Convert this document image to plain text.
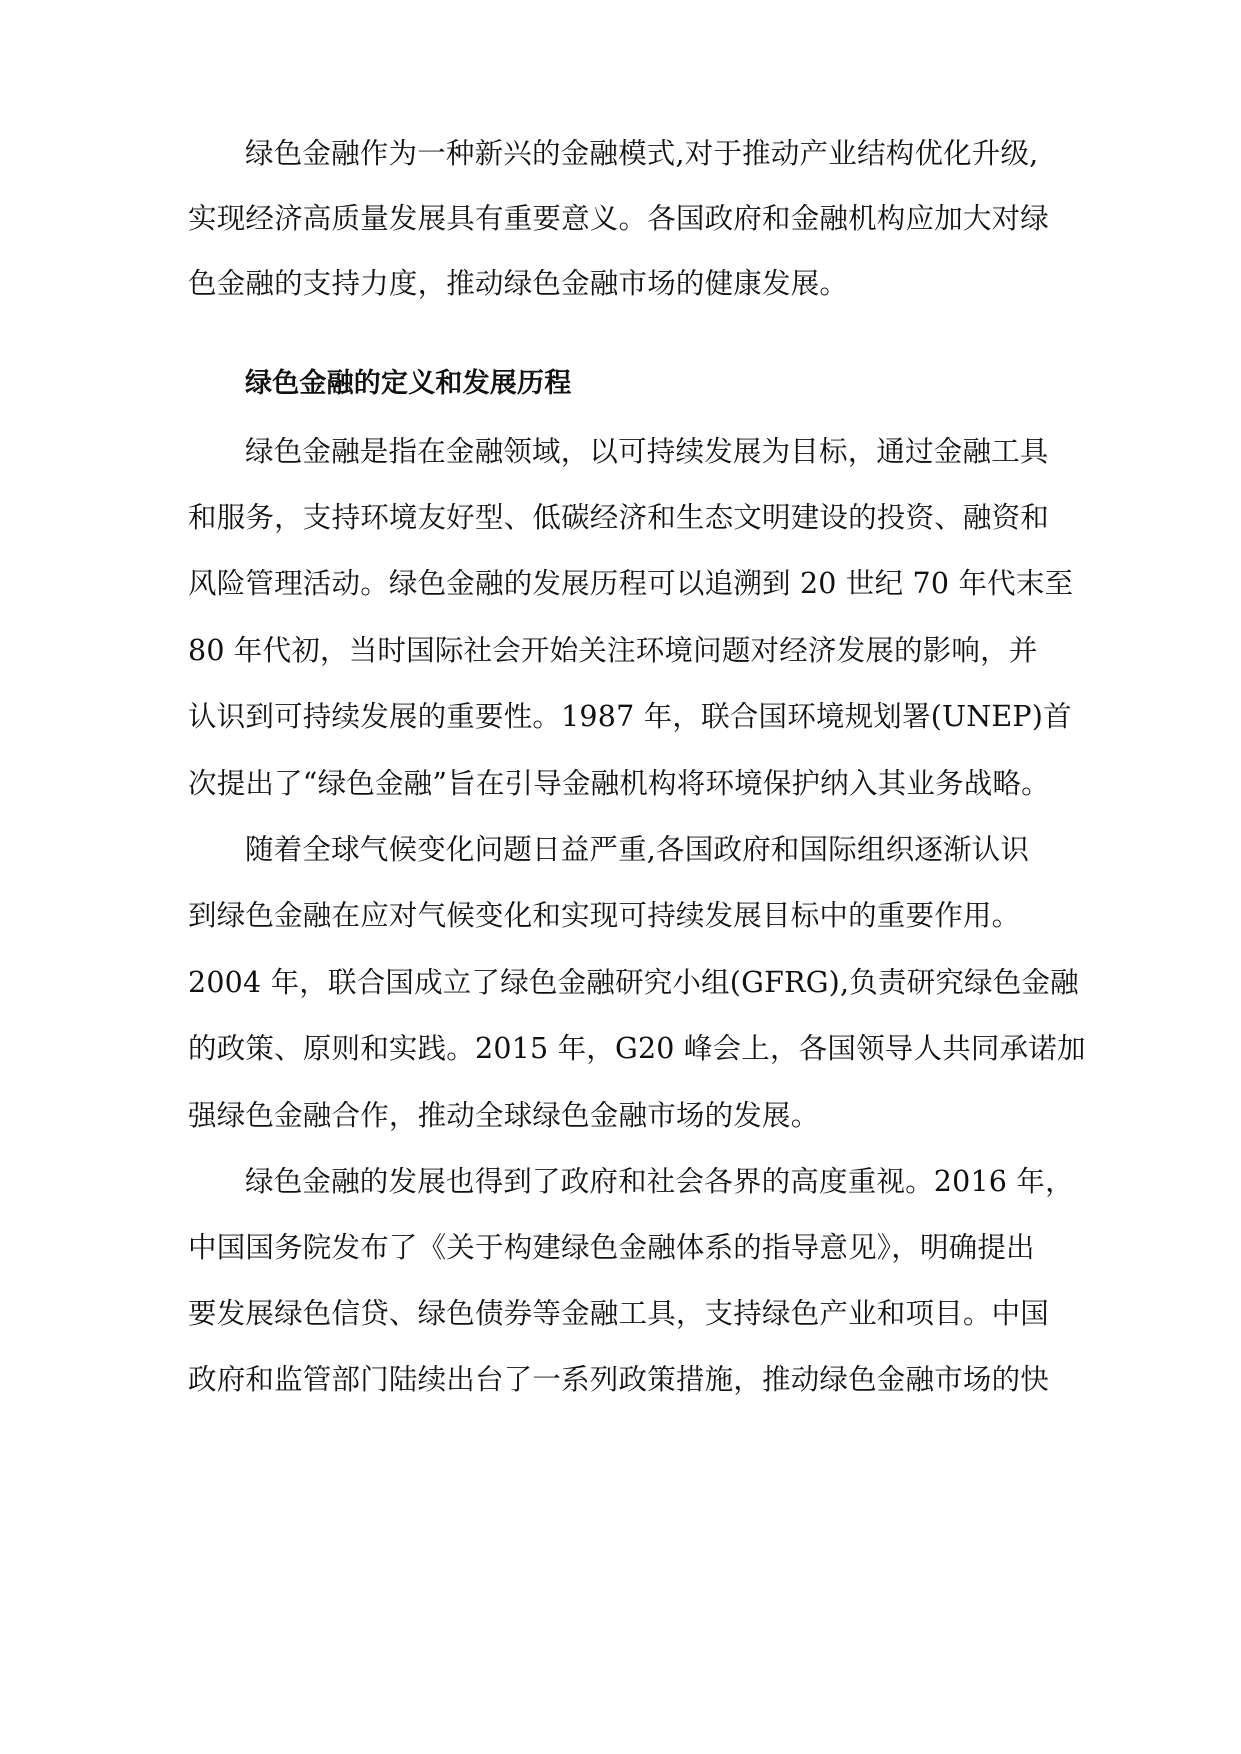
绿色金融作为一种新兴的金融模式,对于推动产业结构优化升级,
实现经济高质量发展具有重要意义。各国政府和金融机构应加大对绿
色金融的支持力度，推动绿色金融市场的健康发展。
绿色金融的定义和发展历程
绿色金融是指在金融领域，以可持续发展为目标，通过金融工具
和服务，支持环境友好型、低碳经济和生态文明建设的投资、融资和
风险管理活动。绿色金融的发展历程可以追溯到 20 世纪 70 年代末至
80 年代初，当时国际社会开始关注环境问题对经济发展的影响，并
认识到可持续发展的重要性。1987 年，联合国环境规划署(UNEP)首
次提出了“绿色金融”旨在引导金融机构将环境保护纳入其业务战略。
随着全球气候变化问题日益严重,各国政府和国际组织逐渐认识
到绿色金融在应对气候变化和实现可持续发展目标中的重要作用。
2004 年，联合国成立了绿色金融研究小组(GFRG),负责研究绿色金融
的政策、原则和实践。2015 年，G20 峰会上，各国领导人共同承诺加
强绿色金融合作，推动全球绿色金融市场的发展。
绿色金融的发展也得到了政府和社会各界的高度重视。2016 年，
中国国务院发布了《关于构建绿色金融体系的指导意见》，明确提出
要发展绿色信贷、绿色债券等金融工具，支持绿色产业和项目。中国
政府和监管部门陆续出台了一系列政策措施，推动绿色金融市场的快
